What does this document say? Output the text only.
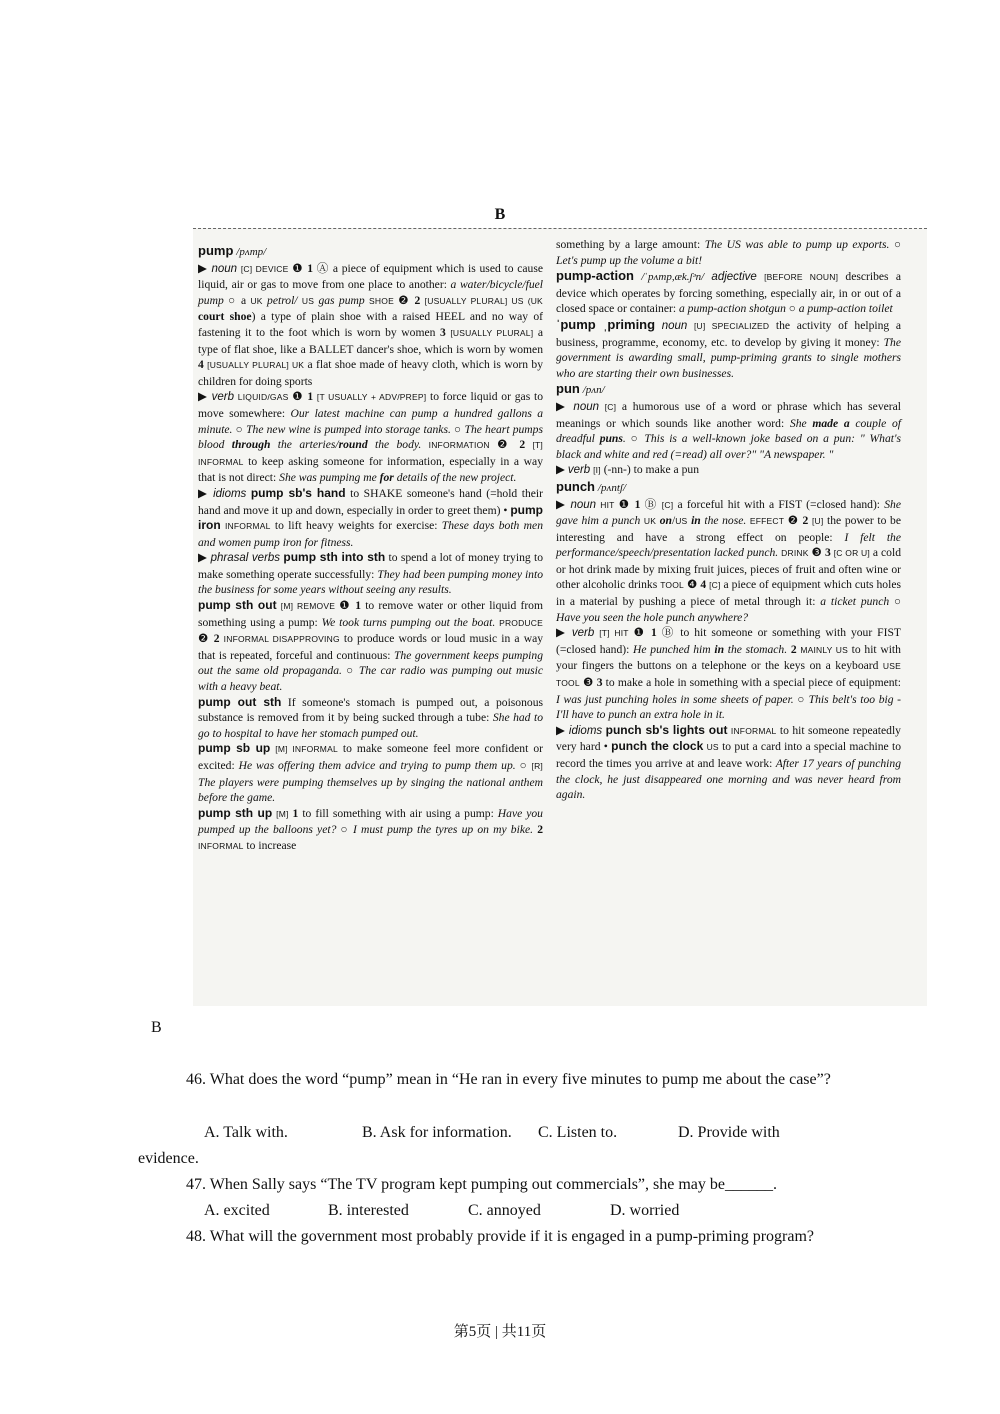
B

pump /pʌmp/

▶ noun [C] DEVICE ❶ 1 Ⓐ a piece of equipment which is used to cause liquid, air or gas to move from one place to another: a water/bicycle/fuel pump ○ a UK petrol/ US gas pump SHOE ❷ 2 [USUALLY PLURAL] US (UK court shoe) a type of plain shoe with a raised HEEL and no way of fastening it to the foot which is worn by women 3 [USUALLY PLURAL] a type of flat shoe, like a BALLET dancer's shoe, which is worn by women 4 [USUALLY PLURAL] UK a flat shoe made of heavy cloth, which is worn by children for doing sports

▶ verb LIQUID/GAS ❶ 1 [T USUALLY + ADV/PREP] to force liquid or gas to move somewhere: Our latest machine can pump a hundred gallons a minute. ○ The new wine is pumped into storage tanks. ○ The heart pumps blood through the arteries/round the body. INFORMATION ❷ 2 [T] INFORMAL to keep asking someone for information, especially in a way that is not direct: She was pumping me for details of the new project.

▶ idioms pump sb's hand to SHAKE someone's hand (=hold their hand and move it up and down, especially in order to greet them) • pump iron INFORMAL to lift heavy weights for exercise: These days both men and women pump iron for fitness.

▶ phrasal verbs pump sth into sth to spend a lot of money trying to make something operate successfully: They had been pumping money into the business for some years without seeing any results.

pump sth out [M] REMOVE ❶ 1 to remove water or other liquid from something using a pump: We took turns pumping out the boat. PRODUCE ❷ 2 INFORMAL DISAPPROVING to produce words or loud music in a way that is repeated, forceful and continuous: The government keeps pumping out the same old propaganda. ○ The car radio was pumping out music with a heavy beat.

pump out sth If someone's stomach is pumped out, a poisonous substance is removed from it by being sucked through a tube: She had to go to hospital to have her stomach pumped out.

pump sb up [M] INFORMAL to make someone feel more confident or excited: He was offering them advice and trying to pump them up. ○ [R] The players were pumping themselves up by singing the national anthem before the game.

pump sth up [M] 1 to fill something with air using a pump: Have you pumped up the balloons yet? ○ I must pump the tyres up on my bike. 2 INFORMAL to increase

something by a large amount: The US was able to pump up exports. ○ Let's pump up the volume a bit!

pump-action /ˈpʌmp,æk.ʃᵊn/ adjective [BEFORE NOUN] describes a device which operates by forcing something, especially air, in or out of a closed space or container: a pump-action shotgun ○ a pump-action toilet

ˈpump ˌpriming noun [U] SPECIALIZED the activity of helping a business, programme, economy, etc. to develop by giving it money: The government is awarding small, pump-priming grants to single mothers who are starting their own businesses.

pun /pʌn/

▶ noun [C] a humorous use of a word or phrase which has several meanings or which sounds like another word: She made a couple of dreadful puns. ○ This is a well-known joke based on a pun: " What's black and white and red (=read) all over?" "A newspaper. "

▶ verb [I] (-nn-) to make a pun

punch /pʌntʃ/

▶ noun HIT ❶ 1 Ⓑ [C] a forceful hit with a FIST (=closed hand): She gave him a punch UK on/US in the nose. EFFECT ❷ 2 [U] the power to be interesting and have a strong effect on people: I felt the performance/speech/presentation lacked punch. DRINK ❸ 3 [C OR U] a cold or hot drink made by mixing fruit juices, pieces of fruit and often wine or other alcoholic drinks TOOL ❹ 4 [C] a piece of equipment which cuts holes in a material by pushing a piece of metal through it: a ticket punch ○ Have you seen the hole punch anywhere?

▶ verb [T] HIT ❶ 1 Ⓑ to hit someone or something with your FIST (=closed hand): He punched him in the stomach. 2 MAINLY US to hit with your fingers the buttons on a telephone or the keys on a keyboard USE TOOL ❸ 3 to make a hole in something with a special piece of equipment: I was just punching holes in some sheets of paper. ○ This belt's too big - I'll have to punch an extra hole in it.

▶ idioms punch sb's lights out INFORMAL to hit someone repeatedly very hard • punch the clock US to put a card into a special machine to record the times you arrive at and leave work: After 17 years of punching the clock, he just disappeared one morning and was never heard from again.

B
46. What does the word “pump” mean in “He ran in every five minutes to pump me about the case”?
A. Talk with.	B. Ask for information. C. Listen to.	D. Provide with
evidence.
47. When Sally says “The TV program kept pumping out commercials”, she may be______.
A. excited	B. interested	C. annoyed	D. worried
48. What will the government most probably provide if it is engaged in a pump-priming program?
第5页 | 共11页
